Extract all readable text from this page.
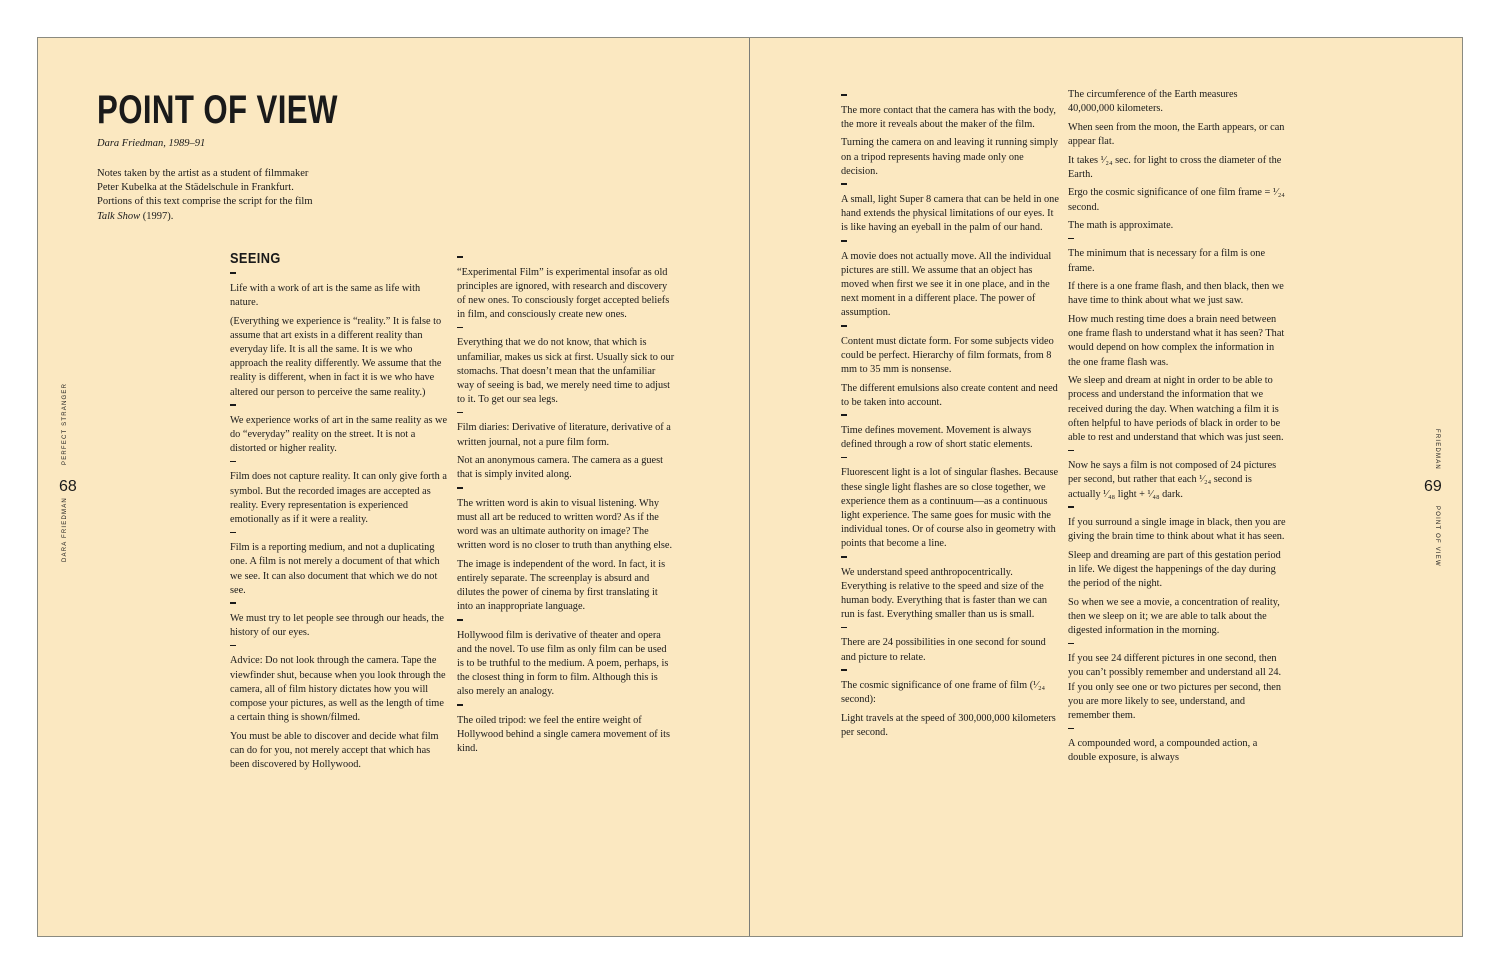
POINT OF VIEW
Dara Friedman, 1989–91

Notes taken by the artist as a student of filmmaker

Peter Kubelka at the Städelschule in Frankfurt.

Portions of this text comprise the script for the film

Talk Show (1997).

SEEING

Life with a work of art is the same as life with nature.

(Everything we experience is “reality.” It is false to assume that art exists in a different reality than everyday life. It is all the same. It is we who approach the reality differently. We assume that the reality is different, when in fact it is we who have altered our person to perceive the same reality.)

We experience works of art in the same reality as we do “everyday” reality on the street. It is not a distorted or higher reality.

Film does not capture reality. It can only give forth a symbol. But the recorded images are accepted as reality. Every representation is experienced emotionally as if it were a reality.

Film is a reporting medium, and not a duplicating one. A film is not merely a document of that which we see. It can also document that which we do not see.

We must try to let people see through our heads, the history of our eyes.

Advice: Do not look through the camera. Tape the viewfinder shut, because when you look through the camera, all of film history dictates how you will compose your pictures, as well as the length of time a certain thing is shown/filmed.

You must be able to discover and decide what film can do for you, not merely accept that which has been discovered by Hollywood.

“Experimental Film” is experimental insofar as old principles are ignored, with research and discovery of new ones. To consciously forget accepted beliefs in film, and consciously create new ones.

Everything that we do not know, that which is unfamiliar, makes us sick at first. Usually sick to our stomachs. That doesn’t mean that the unfamiliar way of seeing is bad, we merely need time to adjust to it. To get our sea legs.

Film diaries: Derivative of literature, derivative of a written journal, not a pure film form.

Not an anonymous camera. The camera as a guest that is simply invited along.

The written word is akin to visual listening. Why must all art be reduced to written word? As if the word was an ultimate authority on image? The written word is no closer to truth than anything else.

The image is independent of the word. In fact, it is entirely separate. The screenplay is absurd and dilutes the power of cinema by first translating it into an inappropriate language.

Hollywood film is derivative of theater and opera and the novel. To use film as only film can be used is to be truthful to the medium. A poem, perhaps, is the closest thing in form to film. Although this is also merely an analogy.

The oiled tripod: we feel the entire weight of Hollywood behind a single camera movement of its kind.

68
PERFECT STRANGER
DARA FRIEDMAN

The more contact that the camera has with the body, the more it reveals about the maker of the film.

Turning the camera on and leaving it running simply on a tripod represents having made only one decision.

A small, light Super 8 camera that can be held in one hand extends the physical limitations of our eyes. It is like having an eyeball in the palm of our hand.

A movie does not actually move. All the individual pictures are still. We assume that an object has moved when first we see it in one place, and in the next moment in a different place. The power of assumption.

Content must dictate form. For some subjects video could be perfect. Hierarchy of film formats, from 8 mm to 35 mm is nonsense.

The different emulsions also create content and need to be taken into account.

Time defines movement. Movement is always defined through a row of short static elements.

Fluorescent light is a lot of singular flashes. Because these single light flashes are so close together, we experience them as a continuum—as a continuous light experience. The same goes for music with the individual tones. Or of course also in geometry with points that become a line.

We understand speed anthropocentrically. Everything is relative to the speed and size of the human body. Everything that is faster than we can run is fast. Everything smaller than us is small.

There are 24 possibilities in one second for sound and picture to relate.

The cosmic significance of one frame of film (¹⁄₂₄ second):

Light travels at the speed of 300,000,000 kilometers per second.

The circumference of the Earth measures 40,000,000 kilometers.

When seen from the moon, the Earth appears, or can appear flat.

It takes ¹⁄₂₄ sec. for light to cross the diameter of the Earth.

Ergo the cosmic significance of one film frame = ¹⁄₂₄ second.

The math is approximate.

The minimum that is necessary for a film is one frame.

If there is a one frame flash, and then black, then we have time to think about what we just saw.

How much resting time does a brain need between one frame flash to understand what it has seen? That would depend on how complex the information in the one frame flash was.

We sleep and dream at night in order to be able to process and understand the information that we received during the day. When watching a film it is often helpful to have periods of black in order to be able to rest and understand that which was just seen.

Now he says a film is not composed of 24 pictures per second, but rather that each ¹⁄₂₄ second is actually ¹⁄₄₈ light + ¹⁄₄₈ dark.

If you surround a single image in black, then you are giving the brain time to think about what it has seen.

Sleep and dreaming are part of this gestation period in life. We digest the happenings of the day during the period of the night.

So when we see a movie, a concentration of reality, then we sleep on it; we are able to talk about the digested information in the morning.

If you see 24 different pictures in one second, then you can’t possibly remember and understand all 24. If you only see one or two pictures per second, then you are more likely to see, understand, and remember them.

A compounded word, a compounded action, a double exposure, is always

69
FRIEDMAN
POINT OF VIEW
